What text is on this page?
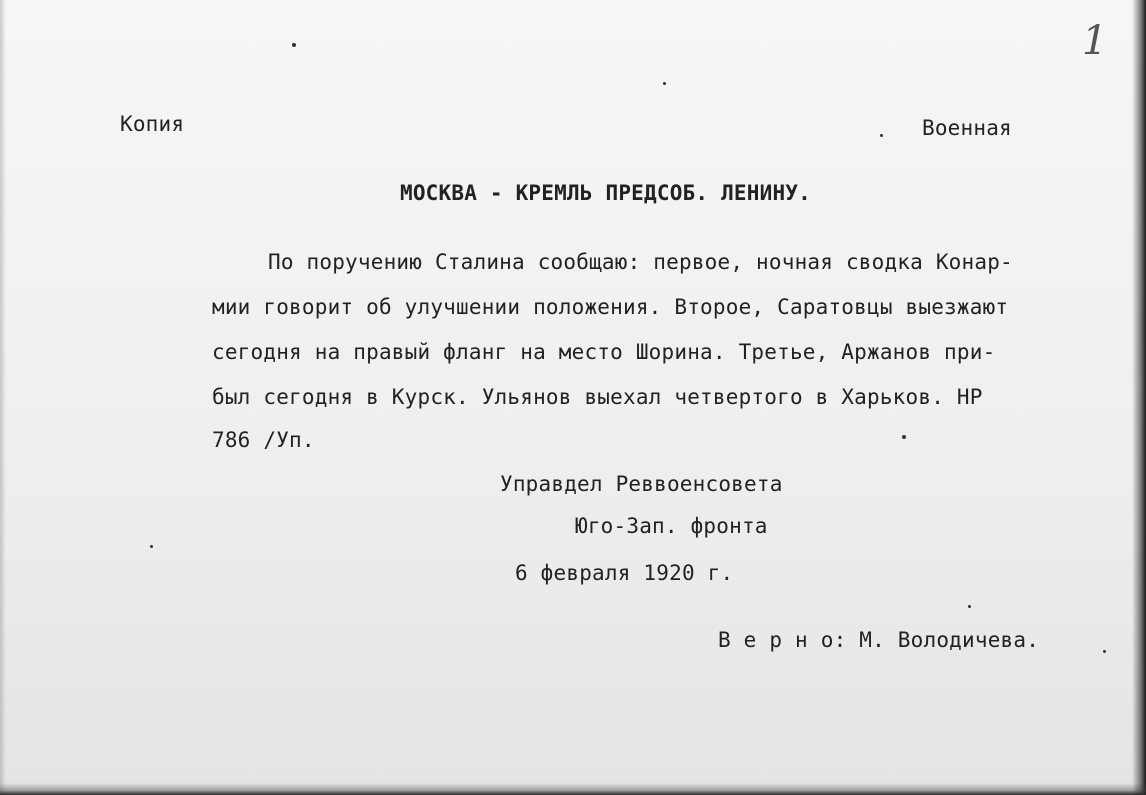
1
Копия	Военная
МОСКВА - КРЕМЛЬ ПРЕДСОБ. ЛЕНИНУ.
По поручению Сталина сообщаю: первое, ночная сводка Конар-
мии говорит об улучшении положения. Второе, Саратовцы выезжают
сегодня на правый фланг на место Шорина. Третье, Аржанов при-
был сегодня в Курск. Ульянов выехал четвертого в Харьков. НР
786 /Уп.
Управдел Реввоенсовета
Юго-Зап. фронта
6 февраля 1920 г.
В е р н о: М. Володичева.
